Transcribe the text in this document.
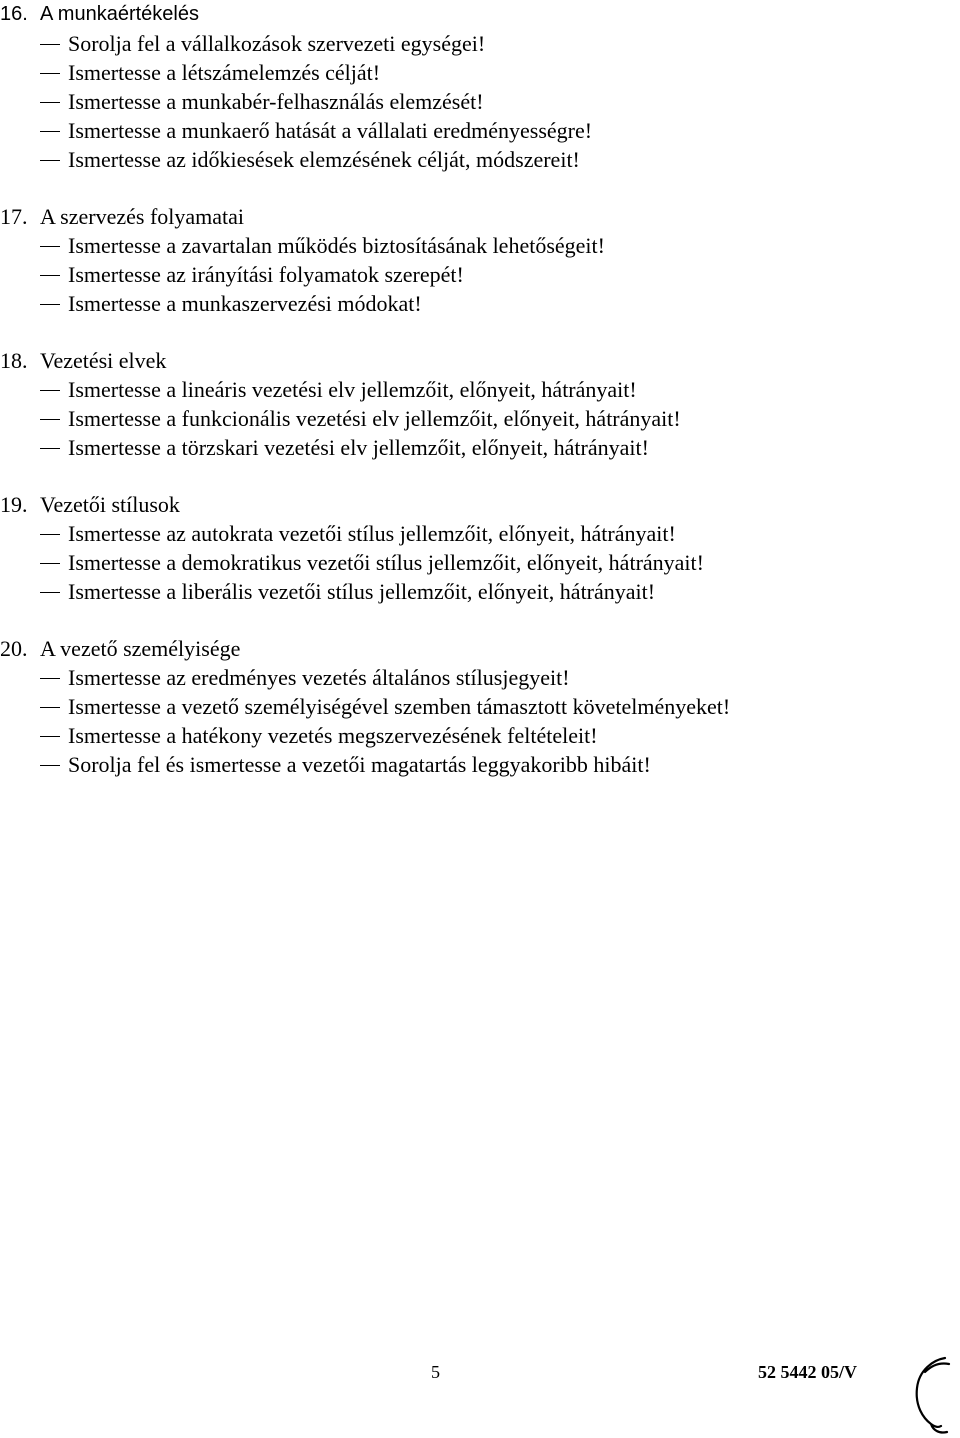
16. A munkaértékelés
Sorolja fel a vállalkozások szervezeti egységei!
Ismertesse a létszámelemzés célját!
Ismertesse a munkabér-felhasználás elemzését!
Ismertesse a munkaerő hatását a vállalati eredményességre!
Ismertesse az időkiesések elemzésének célját, módszereit!
17. A szervezés folyamatai
Ismertesse a zavartalan működés biztosításának lehetőségeit!
Ismertesse az irányítási folyamatok szerepét!
Ismertesse a munkaszervezési módokat!
18. Vezetési elvek
Ismertesse a lineáris vezetési elv jellemzőit, előnyeit, hátrányait!
Ismertesse a funkcionális vezetési elv jellemzőit, előnyeit, hátrányait!
Ismertesse a törzskari vezetési elv jellemzőit, előnyeit, hátrányait!
19. Vezetői stílusok
Ismertesse az autokrata vezetői stílus jellemzőit, előnyeit, hátrányait!
Ismertesse a demokratikus vezetői stílus jellemzőit, előnyeit, hátrányait!
Ismertesse a liberális vezetői stílus jellemzőit, előnyeit, hátrányait!
20. A vezető személyisége
Ismertesse az eredményes vezetés általános stílusjegyeit!
Ismertesse a vezető személyiségével szemben támasztott követelményeket!
Ismertesse a hatékony vezetés megszervezésének feltételeit!
Sorolja fel és ismertesse a vezetői magatartás leggyakoribb hibáit!
5	52 5442 05/V
